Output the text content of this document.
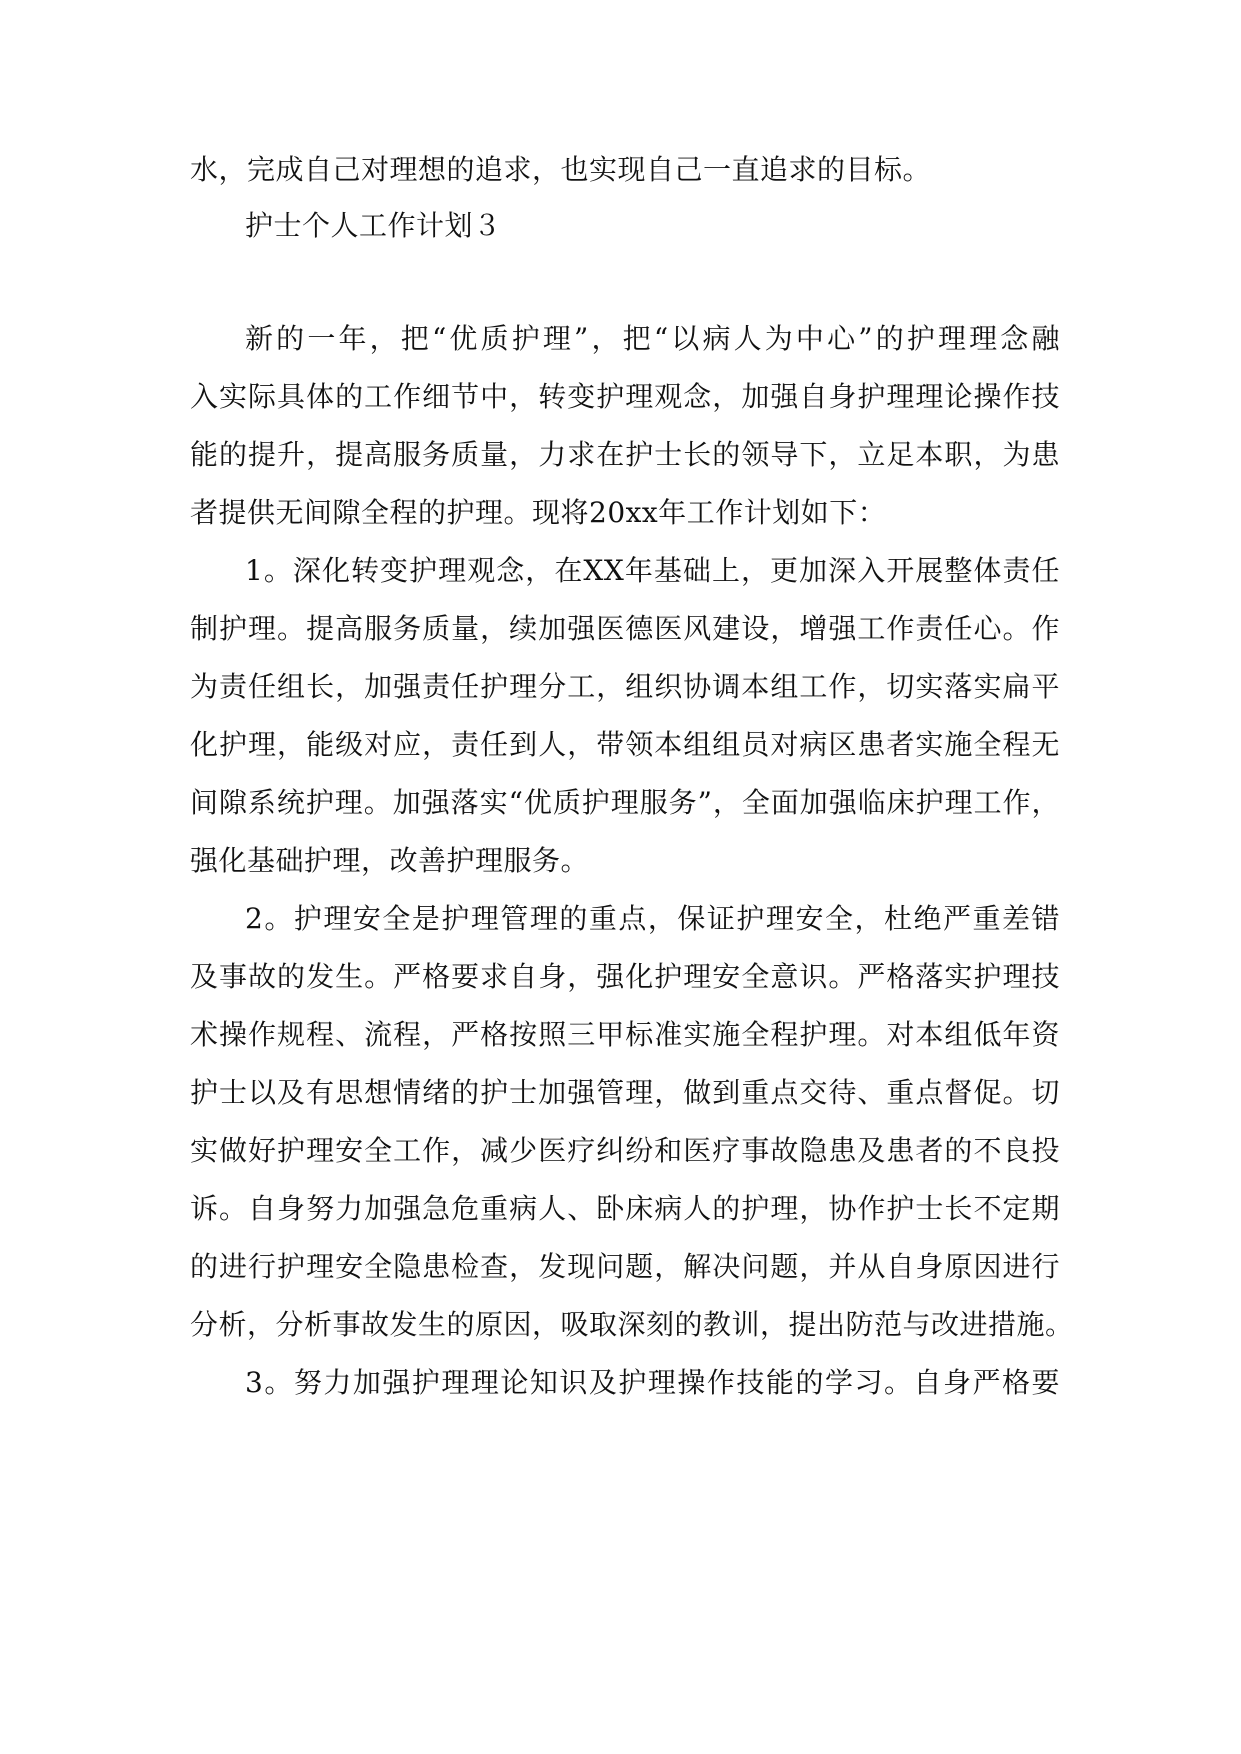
水，完成自己对理想的追求，也实现自己一直追求的目标。

护士个人工作计划３

新的一年，把“优质护理”，把“以病人为中心”的护理理念融

入实际具体的工作细节中，转变护理观念，加强自身护理理论操作技

能的提升，提高服务质量，力求在护士长的领导下，立足本职，为患

者提供无间隙全程的护理。现将20xx年工作计划如下：

1。深化转变护理观念，在XX年基础上，更加深入开展整体责任

制护理。提高服务质量，续加强医德医风建设，增强工作责任心。作

为责任组长，加强责任护理分工，组织协调本组工作，切实落实扁平

化护理，能级对应，责任到人，带领本组组员对病区患者实施全程无

间隙系统护理。加强落实“优质护理服务”，全面加强临床护理工作，

强化基础护理，改善护理服务。

2。护理安全是护理管理的重点，保证护理安全，杜绝严重差错

及事故的发生。严格要求自身，强化护理安全意识。严格落实护理技

术操作规程、流程，严格按照三甲标准实施全程护理。对本组低年资

护士以及有思想情绪的护士加强管理，做到重点交待、重点督促。切

实做好护理安全工作，减少医疗纠纷和医疗事故隐患及患者的不良投

诉。自身努力加强急危重病人、卧床病人的护理，协作护士长不定期

的进行护理安全隐患检查，发现问题，解决问题，并从自身原因进行

分析，分析事故发生的原因，吸取深刻的教训，提出防范与改进措施。

3。努力加强护理理论知识及护理操作技能的学习。自身严格要
